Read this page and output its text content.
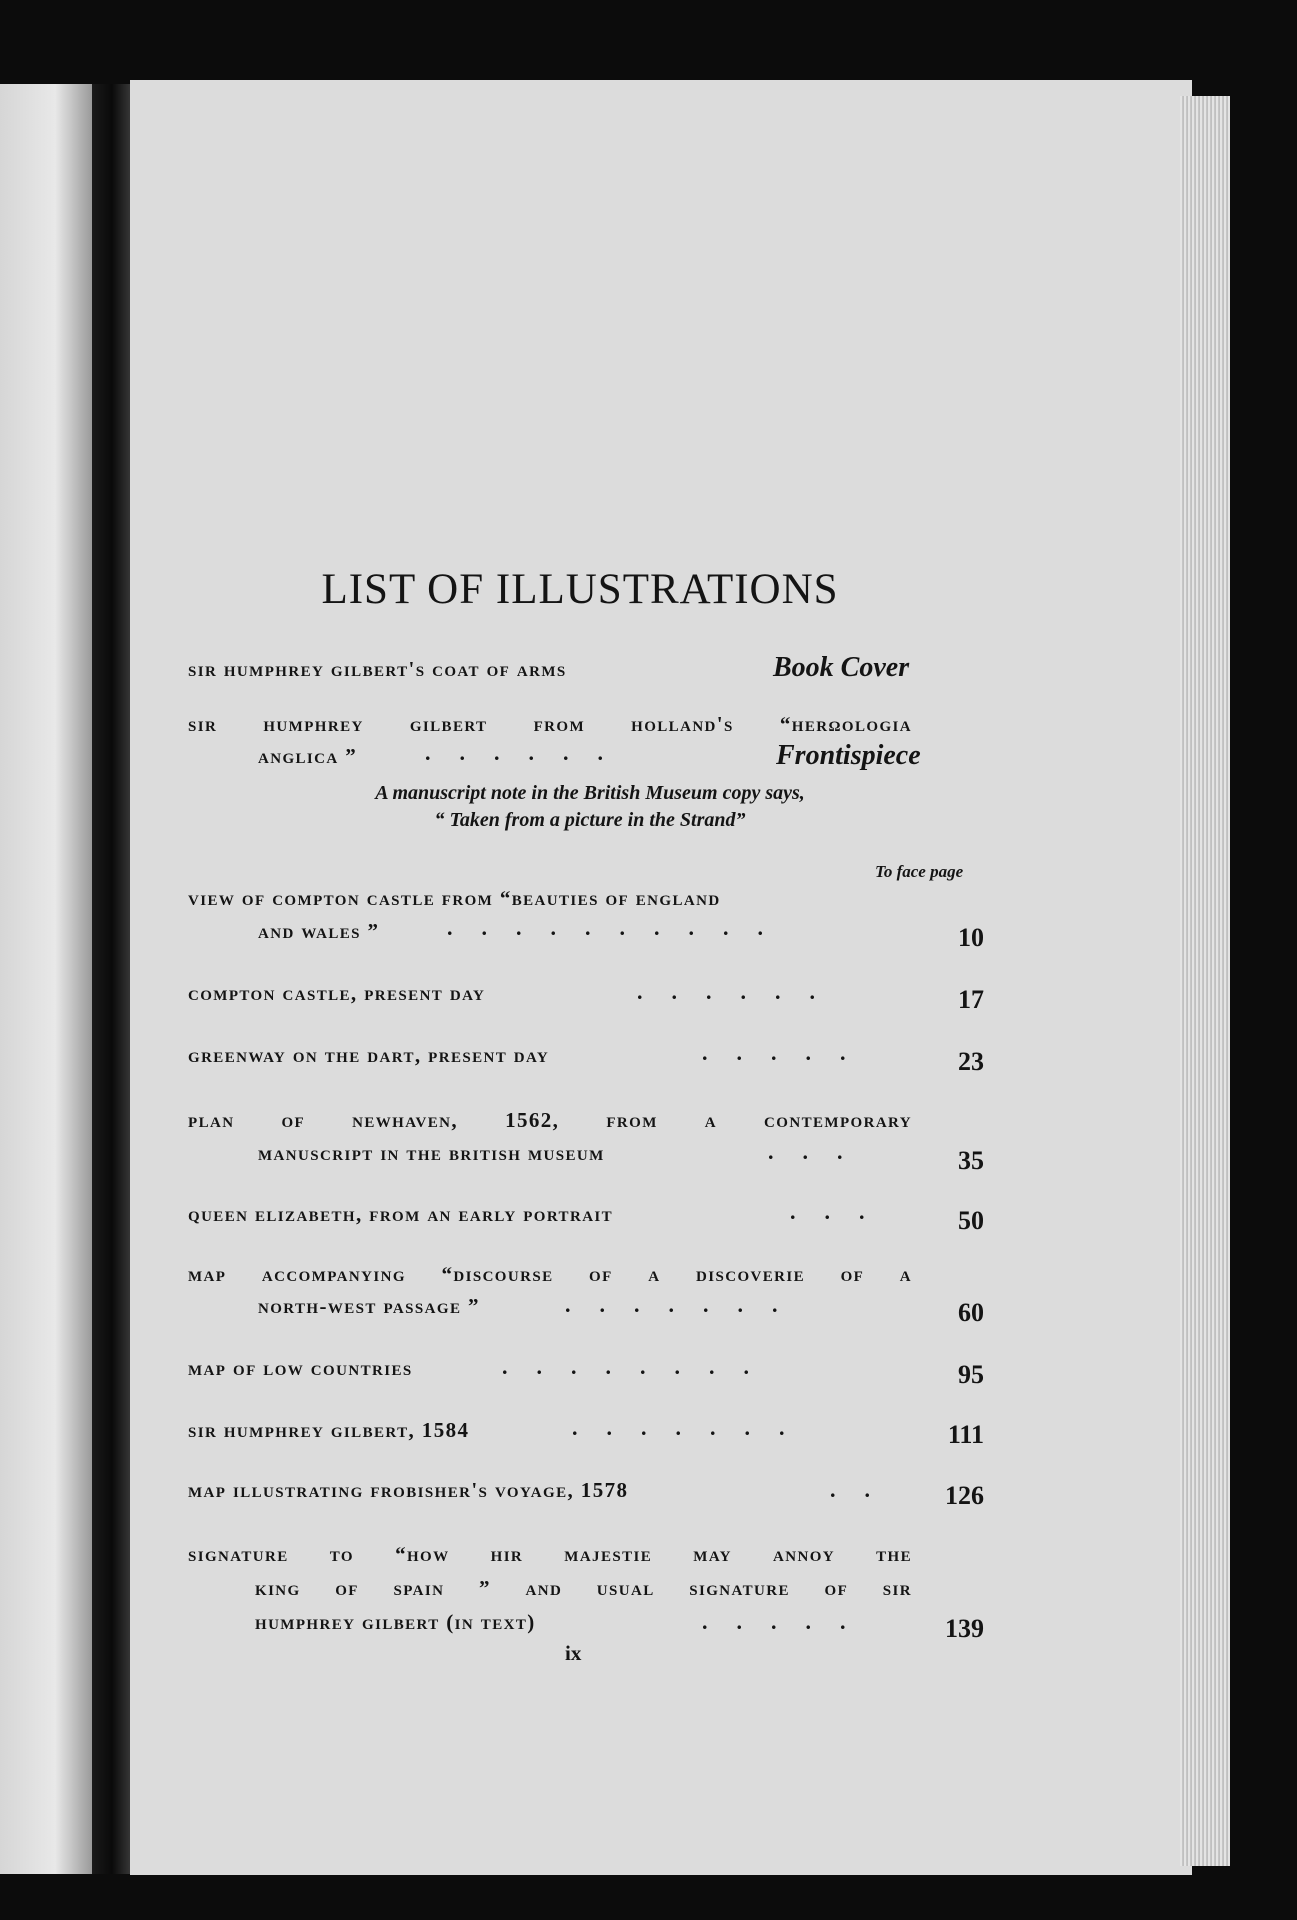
LIST OF ILLUSTRATIONS
sir humphrey gilbert's coat of arms	Book Cover
sir humphrey gilbert from holland's “herωologia
anglica ”	......	Frontispiece
A manuscript note in the British Museum copy says,
“ Taken from a picture in the Strand”
To face page
view of compton castle from “beauties of england
and wales ”	..........	10
compton castle, present day	......	17
greenway on the dart, present day	.....	23
plan of newhaven, 1562, from a contemporary
manuscript in the british museum	...	35
queen elizabeth, from an early portrait	...	50
map accompanying “discourse of a discoverie of a
north-west passage ”	.......	60
map of low countries	........	95
sir humphrey gilbert, 1584	.......	111
map illustrating frobisher's voyage, 1578	.. 126
signature to “how hir majestie may annoy the
king of spain ” and usual signature of sir
humphrey gilbert (in text)	.....	139
ix
